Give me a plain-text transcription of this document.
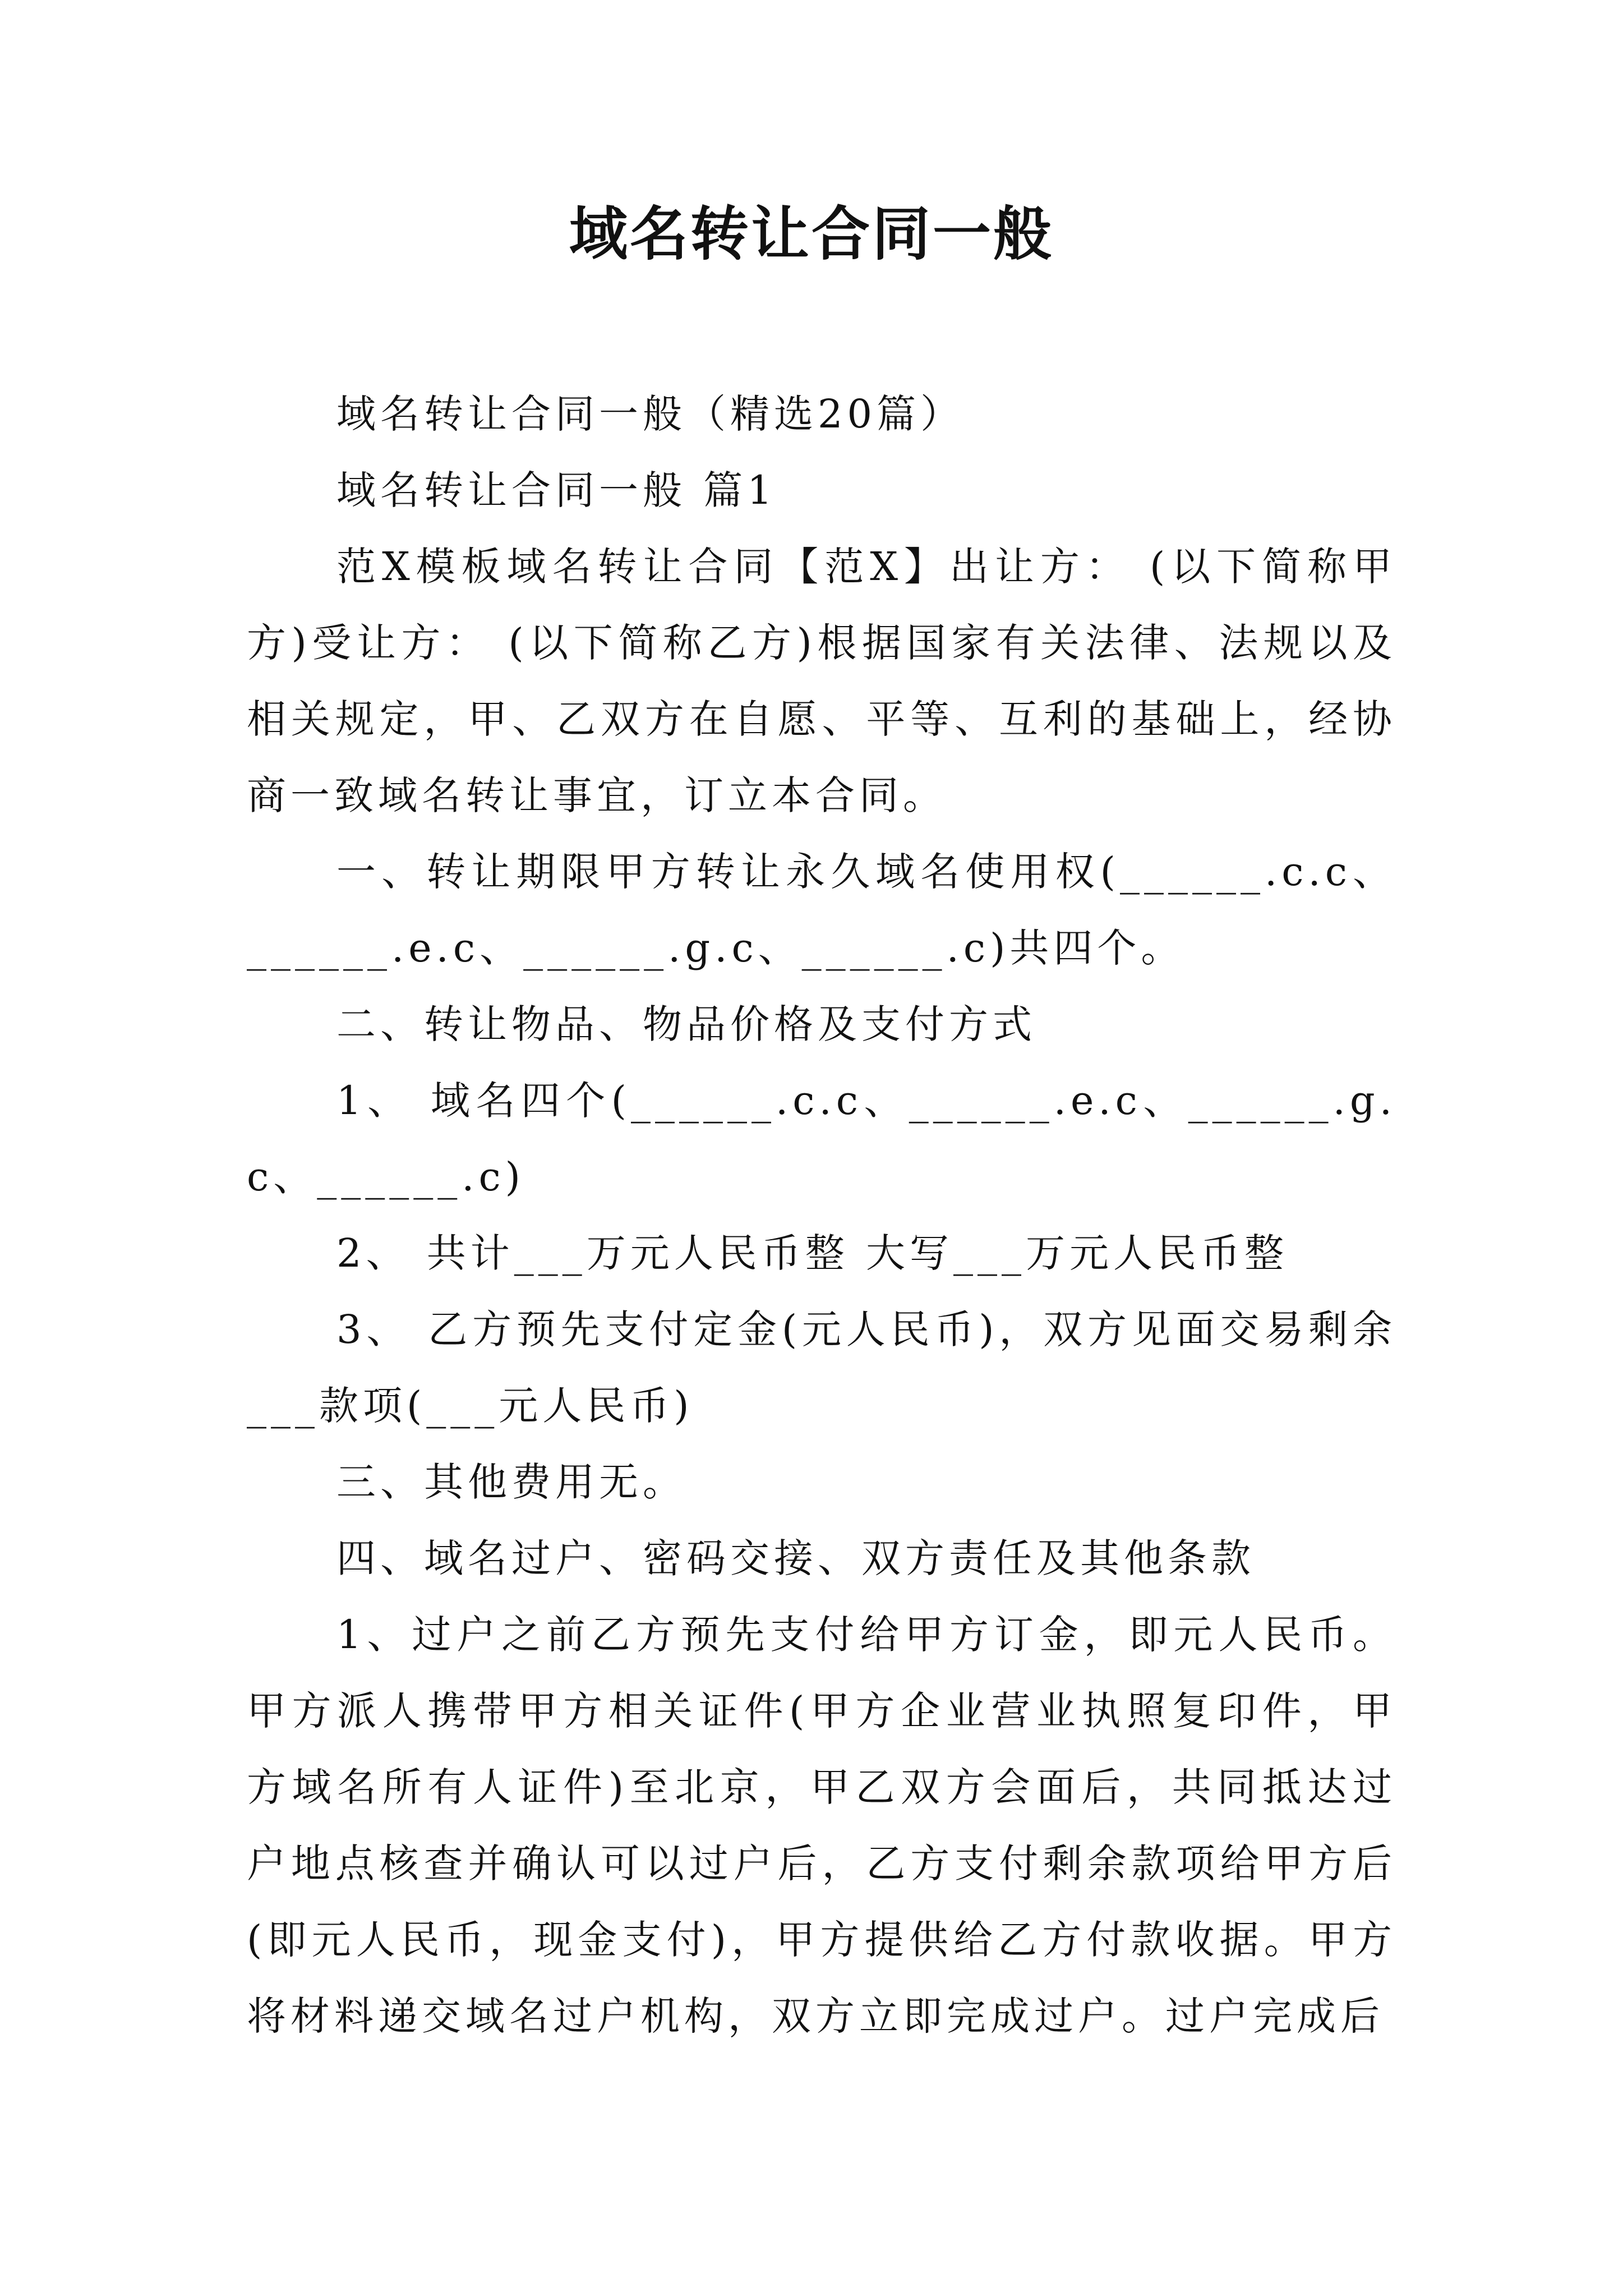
域名转让合同一般

域名转让合同一般（精选20篇）

域名转让合同一般 篇1

范X模板域名转让合同【范X】出让方： (以下简称甲方)受让方： (以下简称乙方)根据国家有关法律、法规以及相关规定，甲、乙双方在自愿、平等、互利的基础上，经协商一致域名转让事宜，订立本合同。

一、转让期限甲方转让永久域名使用权(______.c.c、______.e.c、______.g.c、______.c)共四个。

二、转让物品、物品价格及支付方式

1、 域名四个(______.c.c、______.e.c、______.g.c、______.c)

2、 共计___万元人民币整 大写___万元人民币整

3、 乙方预先支付定金(元人民币)，双方见面交易剩余___款项(___元人民币)

三、其他费用无。

四、域名过户、密码交接、双方责任及其他条款

1、过户之前乙方预先支付给甲方订金，即元人民币。甲方派人携带甲方相关证件(甲方企业营业执照复印件，甲方域名所有人证件)至北京，甲乙双方会面后，共同抵达过户地点核查并确认可以过户后，乙方支付剩余款项给甲方后(即元人民币，现金支付)，甲方提供给乙方付款收据。甲方将材料递交域名过户机构，双方立即完成过户。过户完成后
